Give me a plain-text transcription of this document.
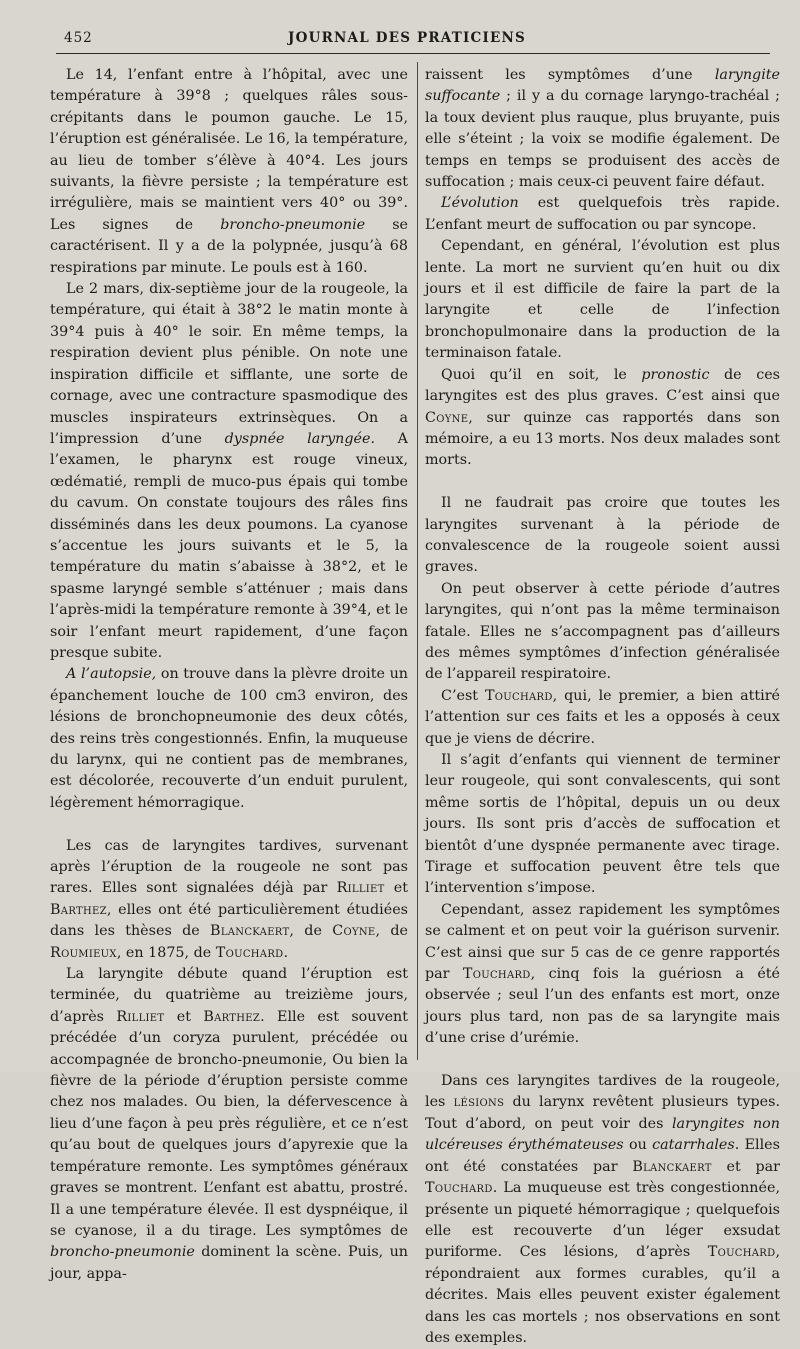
452	JOURNAL DES PRATICIENS

Le 14, l’enfant entre à l’hôpital, avec une température à 39°8 ; quelques râles sous-crépitants dans le poumon gauche. Le 15, l’éruption est généralisée. Le 16, la température, au lieu de tomber s’élève à 40°4. Les jours suivants, la fièvre persiste ; la température est irrégulière, mais se maintient vers 40° ou 39°. Les signes de broncho-pneumonie se caractérisent. Il y a de la polypnée, jusqu’à 68 respirations par minute. Le pouls est à 160.

Le 2 mars, dix-septième jour de la rougeole, la température, qui était à 38°2 le matin monte à 39°4 puis à 40° le soir. En même temps, la respiration devient plus pénible. On note une inspiration difficile et sifflante, une sorte de cornage, avec une contracture spasmodique des muscles inspirateurs extrinsèques. On a l’impression d’une dyspnée laryngée. A l’examen, le pharynx est rouge vineux, œdématié, rempli de muco-pus épais qui tombe du cavum. On constate toujours des râles fins disséminés dans les deux poumons. La cyanose s’accentue les jours suivants et le 5, la température du matin s’abaisse à 38°2, et le spasme laryngé semble s’atténuer ; mais dans l’après-midi la température remonte à 39°4, et le soir l’enfant meurt rapidement, d’une façon presque subite.

A l’autopsie, on trouve dans la plèvre droite un épanchement louche de 100 cm3 environ, des lésions de bronchopneumonie des deux côtés, des reins très congestionnés. Enfin, la muqueuse du larynx, qui ne contient pas de membranes, est décolorée, recouverte d’un enduit purulent, légèrement hémorragique.

Les cas de laryngites tardives, survenant après l’éruption de la rougeole ne sont pas rares. Elles sont signalées déjà par Rilliet et Barthez, elles ont été particulièrement étudiées dans les thèses de Blanckaert, de Coyne, de Roumieux, en 1875, de Touchard.

La laryngite débute quand l’éruption est terminée, du quatrième au treizième jours, d’après Rilliet et Barthez. Elle est souvent précédée d’un coryza purulent, précédée ou accompagnée de broncho-pneumonie, Ou bien la fièvre de la période d’éruption persiste comme chez nos malades. Ou bien, la défervescence à lieu d’une façon à peu près régulière, et ce n’est qu’au bout de quelques jours d’apyrexie que la température remonte. Les symptômes généraux graves se montrent. L’enfant est abattu, prostré. Il a une température élevée. Il est dyspnéique, il se cyanose, il a du tirage. Les symptômes de broncho-pneumonie dominent la scène. Puis, un jour, appa-

raissent les symptômes d’une laryngite suffocante ; il y a du cornage laryngo-trachéal ; la toux devient plus rauque, plus bruyante, puis elle s’éteint ; la voix se modifie également. De temps en temps se produisent des accès de suffocation ; mais ceux-ci peuvent faire défaut.

L’évolution est quelquefois très rapide. L’enfant meurt de suffocation ou par syncope.

Cependant, en général, l’évolution est plus lente. La mort ne survient qu’en huit ou dix jours et il est difficile de faire la part de la laryngite et celle de l’infection bronchopulmonaire dans la production de la terminaison fatale.

Quoi qu’il en soit, le pronostic de ces laryngites est des plus graves. C’est ainsi que Coyne, sur quinze cas rapportés dans son mémoire, a eu 13 morts. Nos deux malades sont morts.

Il ne faudrait pas croire que toutes les laryngites survenant à la période de convalescence de la rougeole soient aussi graves.

On peut observer à cette période d’autres laryngites, qui n’ont pas la même terminaison fatale. Elles ne s’accompagnent pas d’ailleurs des mêmes symptômes d’infection généralisée de l’appareil respiratoire.

C’est Touchard, qui, le premier, a bien attiré l’attention sur ces faits et les a opposés à ceux que je viens de décrire.

Il s’agit d’enfants qui viennent de terminer leur rougeole, qui sont convalescents, qui sont même sortis de l’hôpital, depuis un ou deux jours. Ils sont pris d’accès de suffocation et bientôt d’une dyspnée permanente avec tirage. Tirage et suffocation peuvent être tels que l’intervention s’impose.

Cependant, assez rapidement les symptômes se calment et on peut voir la guérison survenir. C’est ainsi que sur 5 cas de ce genre rapportés par Touchard, cinq fois la guériosn a été observée ; seul l’un des enfants est mort, onze jours plus tard, non pas de sa laryngite mais d’une crise d’urémie.

Dans ces laryngites tardives de la rougeole, les lésions du larynx revêtent plusieurs types. Tout d’abord, on peut voir des laryngites non ulcéreuses érythémateuses ou catarrhales. Elles ont été constatées par Blanckaert et par Touchard. La muqueuse est très congestionnée, présente un piqueté hémorragique ; quelquefois elle est recouverte d’un léger exsudat puriforme. Ces lésions, d’après Touchard, répondraient aux formes curables, qu’il a décrites. Mais elles peuvent exister également dans les cas mortels ; nos observations en sont des exemples.
